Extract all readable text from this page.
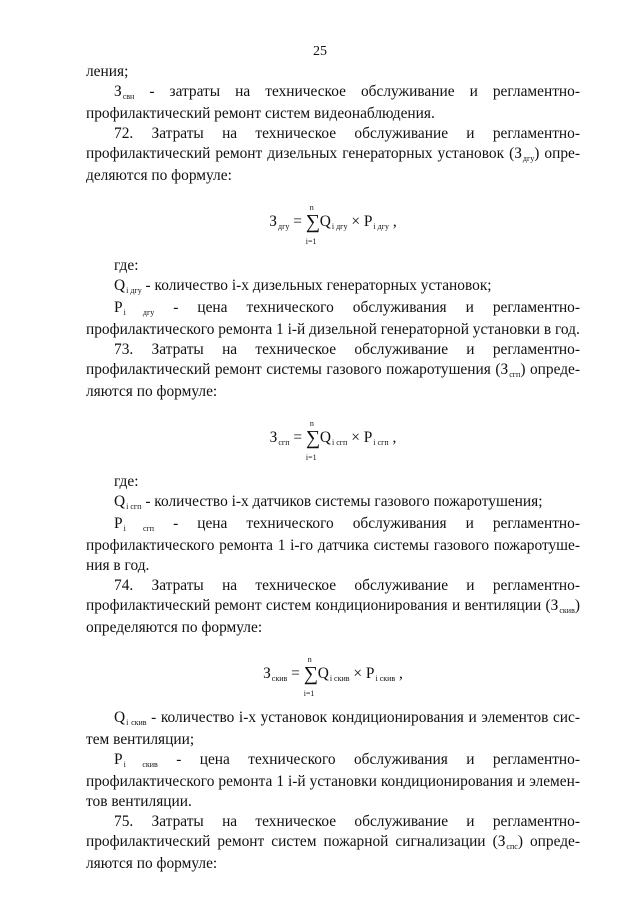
25
ления;
Зсвн - затраты на техническое обслуживание и регламентно-
профилактический ремонт систем видеонаблюдения.
72. Затраты на техническое обслуживание и регламентно-
профилактический ремонт дизельных генераторных установок (Здгу) опре-
деляются по формуле:
Здгу = ∑
n
i=1
Qi дгу × Pi дгу ,
где:
Qi дгу - количество i-х дизельных генераторных установок;
Pi дгу - цена технического обслуживания и регламентно-
профилактического ремонта 1 i-й дизельной генераторной установки в год.
73. Затраты на техническое обслуживание и регламентно-
профилактический ремонт системы газового пожаротушения (Зсгп) опреде-
ляются по формуле:
Зсгп = ∑
n
i=1
Qi сгп × Pi сгп ,
где:
Qi сгп - количество i-х датчиков системы газового пожаротушения;
Pi сгп - цена технического обслуживания и регламентно-
профилактического ремонта 1 i-го датчика системы газового пожаротуше-
ния в год.
74. Затраты на техническое обслуживание и регламентно-
профилактический ремонт систем кондиционирования и вентиляции (Зскив)
определяются по формуле:
Зскив = ∑
n
i=1
Qi скив × Pi скив ,
Qi скив - количество i-х установок кондиционирования и элементов сис-
тем вентиляции;
Pi скив - цена технического обслуживания и регламентно-
профилактического ремонта 1 i-й установки кондиционирования и элемен-
тов вентиляции.
75. Затраты на техническое обслуживание и регламентно-
профилактический ремонт систем пожарной сигнализации (Зспс) опреде-
ляются по формуле:
